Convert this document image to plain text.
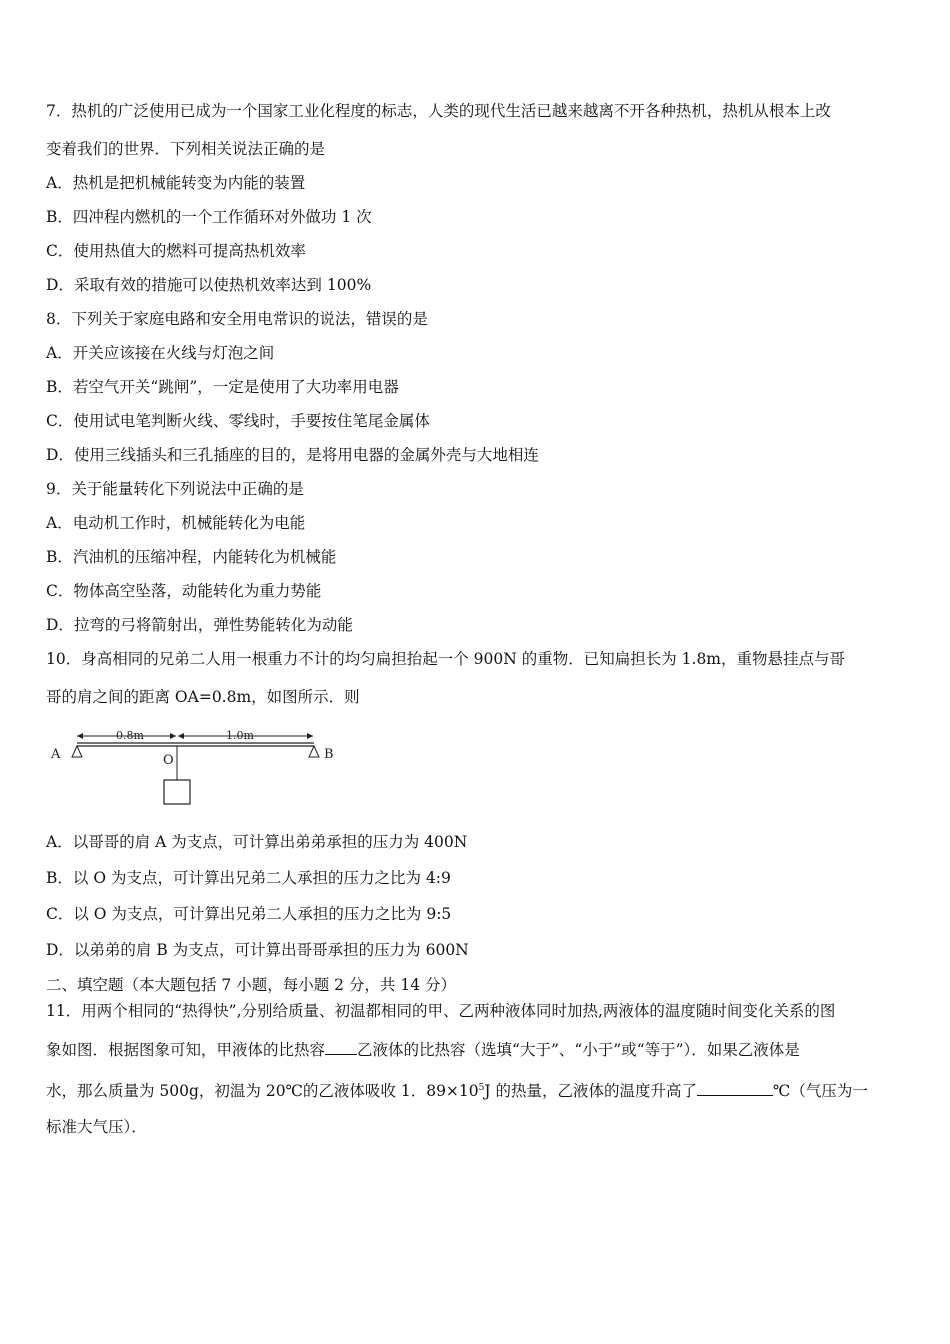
7．热机的广泛使用已成为一个国家工业化程度的标志，人类的现代生活已越来越离不开各种热机，热机从根本上改
变着我们的世界．下列相关说法正确的是
A．热机是把机械能转变为内能的装置
B．四冲程内燃机的一个工作循环对外做功 1 次
C．使用热值大的燃料可提高热机效率
D．采取有效的措施可以使热机效率达到 100%
8．下列关于家庭电路和安全用电常识的说法，错误的是
A．开关应该接在火线与灯泡之间
B．若空气开关“跳闸”，一定是使用了大功率用电器
C．使用试电笔判断火线、零线时，手要按住笔尾金属体
D．使用三线插头和三孔插座的目的，是将用电器的金属外壳与大地相连
9．关于能量转化下列说法中正确的是
A．电动机工作时，机械能转化为电能
B．汽油机的压缩冲程，内能转化为机械能
C．物体高空坠落，动能转化为重力势能
D．拉弯的弓将箭射出，弹性势能转化为动能
10．身高相同的兄弟二人用一根重力不计的均匀扁担抬起一个 900N 的重物．已知扁担长为 1.8m，重物悬挂点与哥
哥的肩之间的距离 OA=0.8m，如图所示．则
0.8m	1.0m
A	B
O
A．以哥哥的肩 A 为支点，可计算出弟弟承担的压力为 400N
B．以 O 为支点，可计算出兄弟二人承担的压力之比为 4:9
C．以 O 为支点，可计算出兄弟二人承担的压力之比为 9:5
D．以弟弟的肩 B 为支点，可计算出哥哥承担的压力为 600N
二、填空题（本大题包括 7 小题，每小题 2 分，共 14 分）
11．用两个相同的“热得快”,分别给质量、初温都相同的甲、乙两种液体同时加热,两液体的温度随时间变化关系的图
象如图．根据图象可知，甲液体的比热容 乙液体的比热容（选填“大于”、“小于”或“等于”）．如果乙液体是
水，那么质量为 500g，初温为 20℃的乙液体吸收 1．$89\times 10^5J$ 的热量，乙液体的温度升高了	℃（气压为一
标准大气压）．
